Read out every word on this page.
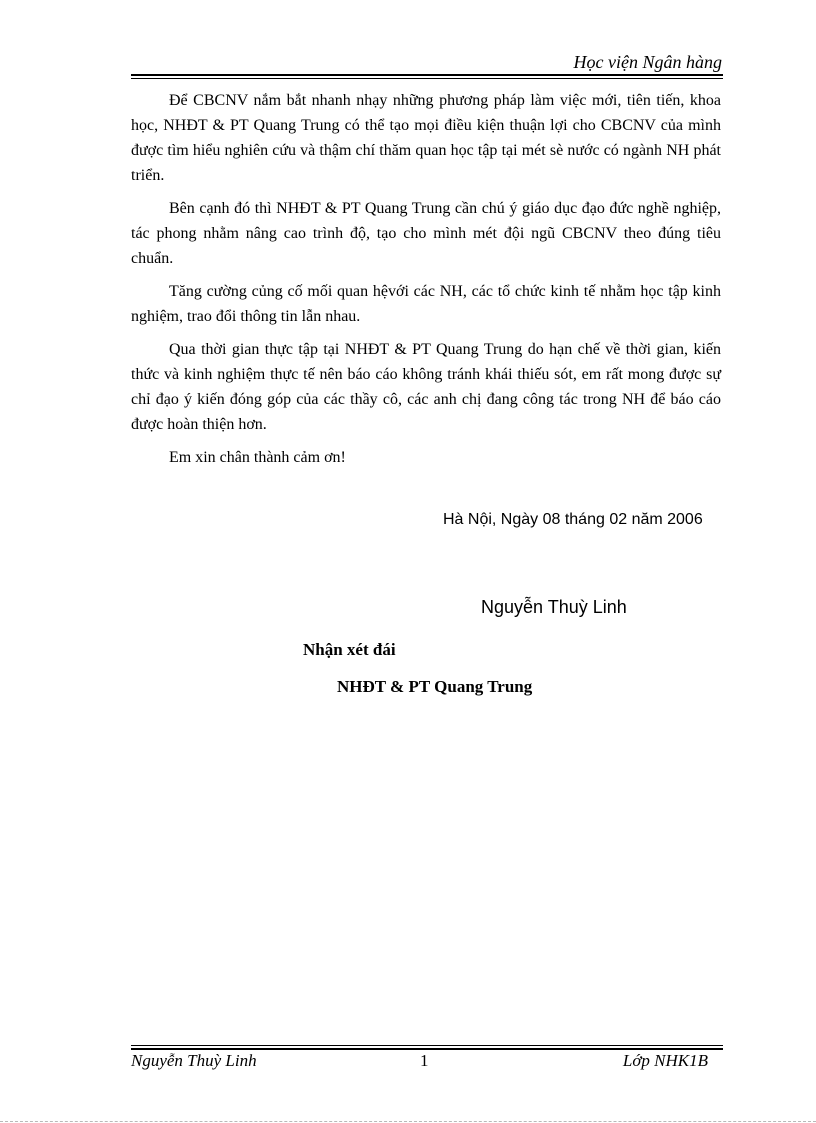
Học viện Ngân hàng

Để CBCNV nắm bắt nhanh nhạy những phương pháp làm việc mới, tiên tiến, khoa học, NHĐT & PT Quang Trung có thể tạo mọi điều kiện thuận lợi cho CBCNV của mình được tìm hiểu nghiên cứu và thậm chí thăm quan học tập tại mét sè nước có ngành NH phát triển.

Bên cạnh đó thì NHĐT & PT Quang Trung cần chú ý giáo dục đạo đức nghề nghiệp, tác phong nhằm nâng cao trình độ, tạo cho mình mét đội ngũ CBCNV theo đúng tiêu chuẩn.

Tăng cường củng cố mối quan hệvới các NH, các tổ chức kinh tế nhằm học tập kinh nghiệm, trao đổi thông tin lẫn nhau.

Qua thời gian thực tập tại NHĐT & PT Quang Trung do hạn chế về thời gian, kiến thức và kinh nghiệm thực tế nên báo cáo không tránh khái thiếu sót, em rất mong được sự chỉ đạo ý kiến đóng góp của các thầy cô, các anh chị đang công tác trong NH để báo cáo được hoàn thiện hơn.

Em xin chân thành cảm ơn!

Hà Nội, Ngày 08 tháng 02 năm 2006
Nguyễn Thuỳ Linh
Nhận xét đái
NHĐT & PT Quang Trung
Nguyễn Thuỳ Linh	1	Lớp NHK1B
